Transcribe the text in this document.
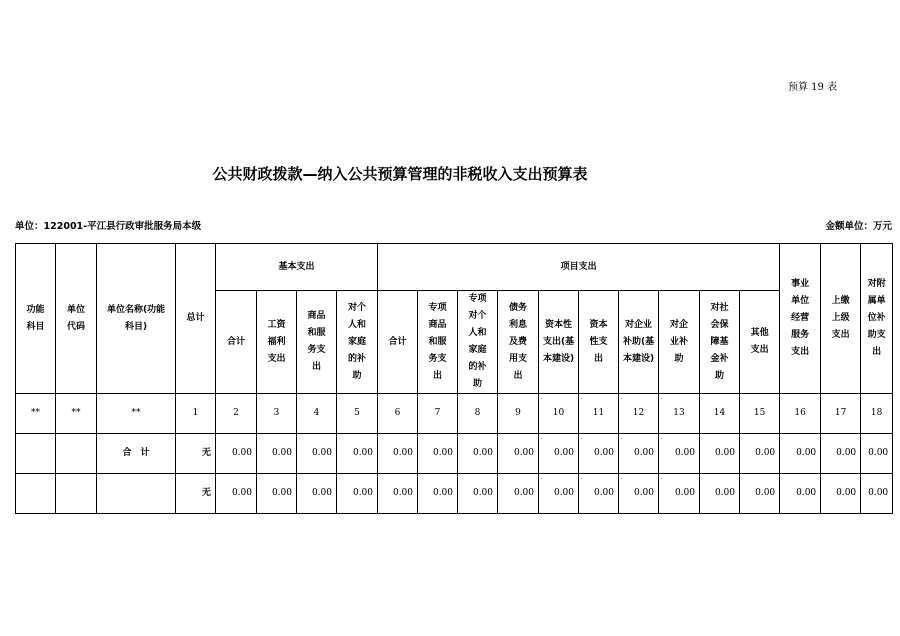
预算 19 表
公共财政拨款—纳入公共预算管理的非税收入支出预算表
单位：122001-平江县行政审批服务局本级	金额单位：万元
功能科目	单位代码	单位名称(功能科目)	总计	基本支出				项目支出										事业单位经营服务支出	上缴上级支出	对附属单位补助支出
				合计	工资福利支出	商品和服务支出	对个人和家庭的补助	合计	专项商品和服务支出	专项对个人和家庭的补助	债务利息及费用支出	资本性支出(基本建设)	资本性支出	对企业补助(基本建设)	对企业补助	对社会保障基金补助	其他支出			
**	**	**	1	2	3	4	5	6	7	8	9	10	11	12	13	14	15	16	17	18
		合　计	无	0.00	0.00	0.00	0.00	0.00	0.00	0.00	0.00	0.00	0.00	0.00	0.00	0.00	0.00	0.00	0.00	0.00
			无	0.00	0.00	0.00	0.00	0.00	0.00	0.00	0.00	0.00	0.00	0.00	0.00	0.00	0.00	0.00	0.00	0.00
